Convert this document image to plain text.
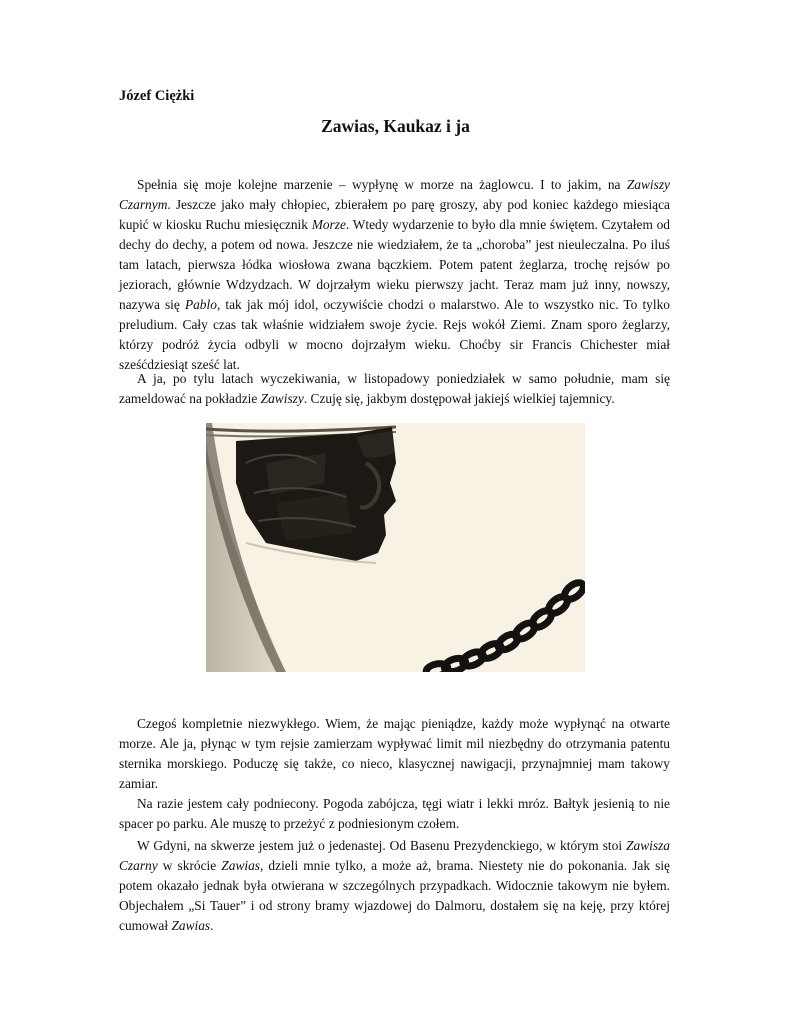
Józef Ciężki
Zawias, Kaukaz i ja

Spełnia się moje kolejne marzenie – wypłynę w morze na żaglowcu. I to jakim, na Zawiszy Czarnym. Jeszcze jako mały chłopiec, zbierałem po parę groszy, aby pod koniec każdego miesiąca kupić w kiosku Ruchu miesięcznik Morze. Wtedy wydarzenie to było dla mnie świętem. Czytałem od dechy do dechy, a potem od nowa. Jeszcze nie wiedziałem, że ta „choroba” jest nieuleczalna. Po iluś tam latach, pierwsza łódka wiosłowa zwana bączkiem. Potem patent żeglarza, trochę rejsów po jeziorach, głównie Wdzydzach. W dojrzałym wieku pierwszy jacht. Teraz mam już inny, nowszy, nazywa się Pablo, tak jak mój idol, oczywiście chodzi o malarstwo. Ale to wszystko nic. To tylko preludium. Cały czas tak właśnie widziałem swoje życie. Rejs wokół Ziemi. Znam sporo żeglarzy, którzy podróż życia odbyli w mocno dojrzałym wieku. Choćby sir Francis Chichester miał sześćdziesiąt sześć lat.

A ja, po tylu latach wyczekiwania, w listopadowy poniedziałek w samo południe, mam się zameldować na pokładzie Zawiszy. Czuję się, jakbym dostępował jakiejś wielkiej tajemnicy.

Czegoś kompletnie niezwykłego. Wiem, że mając pieniądze, każdy może wypłynąć na otwarte morze. Ale ja, płynąc w tym rejsie zamierzam wypływać limit mil niezbędny do otrzymania patentu sternika morskiego. Poduczę się także, co nieco, klasycznej nawigacji, przynajmniej mam takowy zamiar.

Na razie jestem cały podniecony. Pogoda zabójcza, tęgi wiatr i lekki mróz. Bałtyk jesienią to nie spacer po parku. Ale muszę to przeżyć z podniesionym czołem.

W Gdyni, na skwerze jestem już o jedenastej. Od Basenu Prezydenckiego, w którym stoi Zawisza Czarny w skrócie Zawias, dzieli mnie tylko, a może aż, brama. Niestety nie do pokonania. Jak się potem okazało jednak była otwierana w szczególnych przypadkach. Widocznie takowym nie byłem. Objechałem „Si Tauer” i od strony bramy wjazdowej do Dalmoru, dostałem się na keję, przy której cumował Zawias.
